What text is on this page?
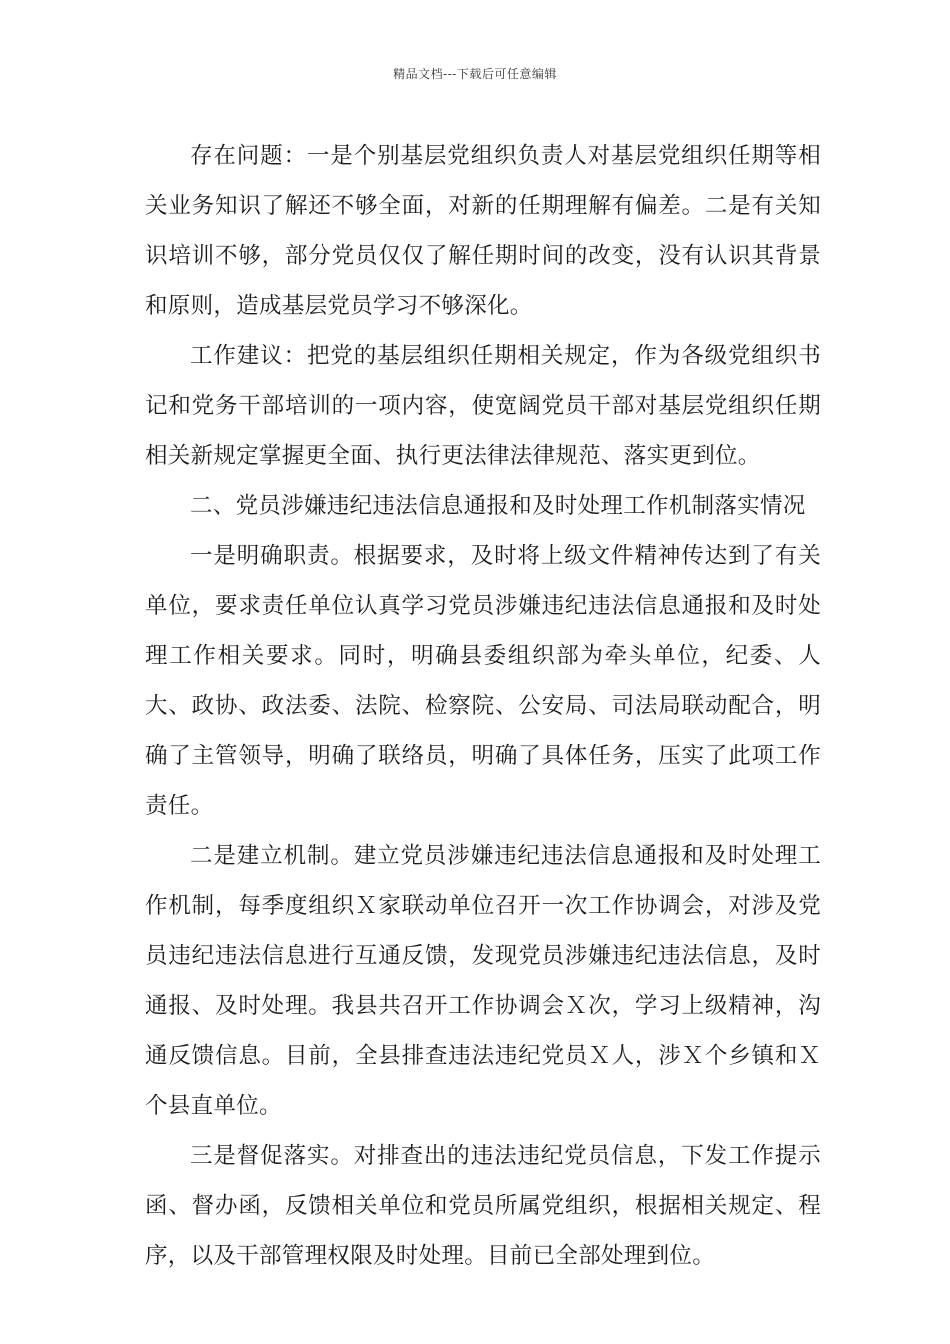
精品文档---下载后可任意编辑

存在问题：一是个别基层党组织负责人对基层党组织任期等相关业务知识了解还不够全面，对新的任期理解有偏差。二是有关知识培训不够，部分党员仅仅了解任期时间的改变，没有认识其背景和原则，造成基层党员学习不够深化。

工作建议：把党的基层组织任期相关规定，作为各级党组织书记和党务干部培训的一项内容，使宽阔党员干部对基层党组织任期相关新规定掌握更全面、执行更法律法律规范、落实更到位。

二、党员涉嫌违纪违法信息通报和及时处理工作机制落实情况

一是明确职责。根据要求，及时将上级文件精神传达到了有关单位，要求责任单位认真学习党员涉嫌违纪违法信息通报和及时处理工作相关要求。同时，明确县委组织部为牵头单位，纪委、人大、政协、政法委、法院、检察院、公安局、司法局联动配合，明确了主管领导，明确了联络员，明确了具体任务，压实了此项工作责任。

二是建立机制。建立党员涉嫌违纪违法信息通报和及时处理工作机制，每季度组织Ｘ家联动单位召开一次工作协调会，对涉及党员违纪违法信息进行互通反馈，发现党员涉嫌违纪违法信息，及时通报、及时处理。我县共召开工作协调会Ｘ次，学习上级精神，沟通反馈信息。目前，全县排查违法违纪党员Ｘ人，涉Ｘ个乡镇和Ｘ个县直单位。

三是督促落实。对排查出的违法违纪党员信息，下发工作提示函、督办函，反馈相关单位和党员所属党组织，根据相关规定、程序，以及干部管理权限及时处理。目前已全部处理到位。
